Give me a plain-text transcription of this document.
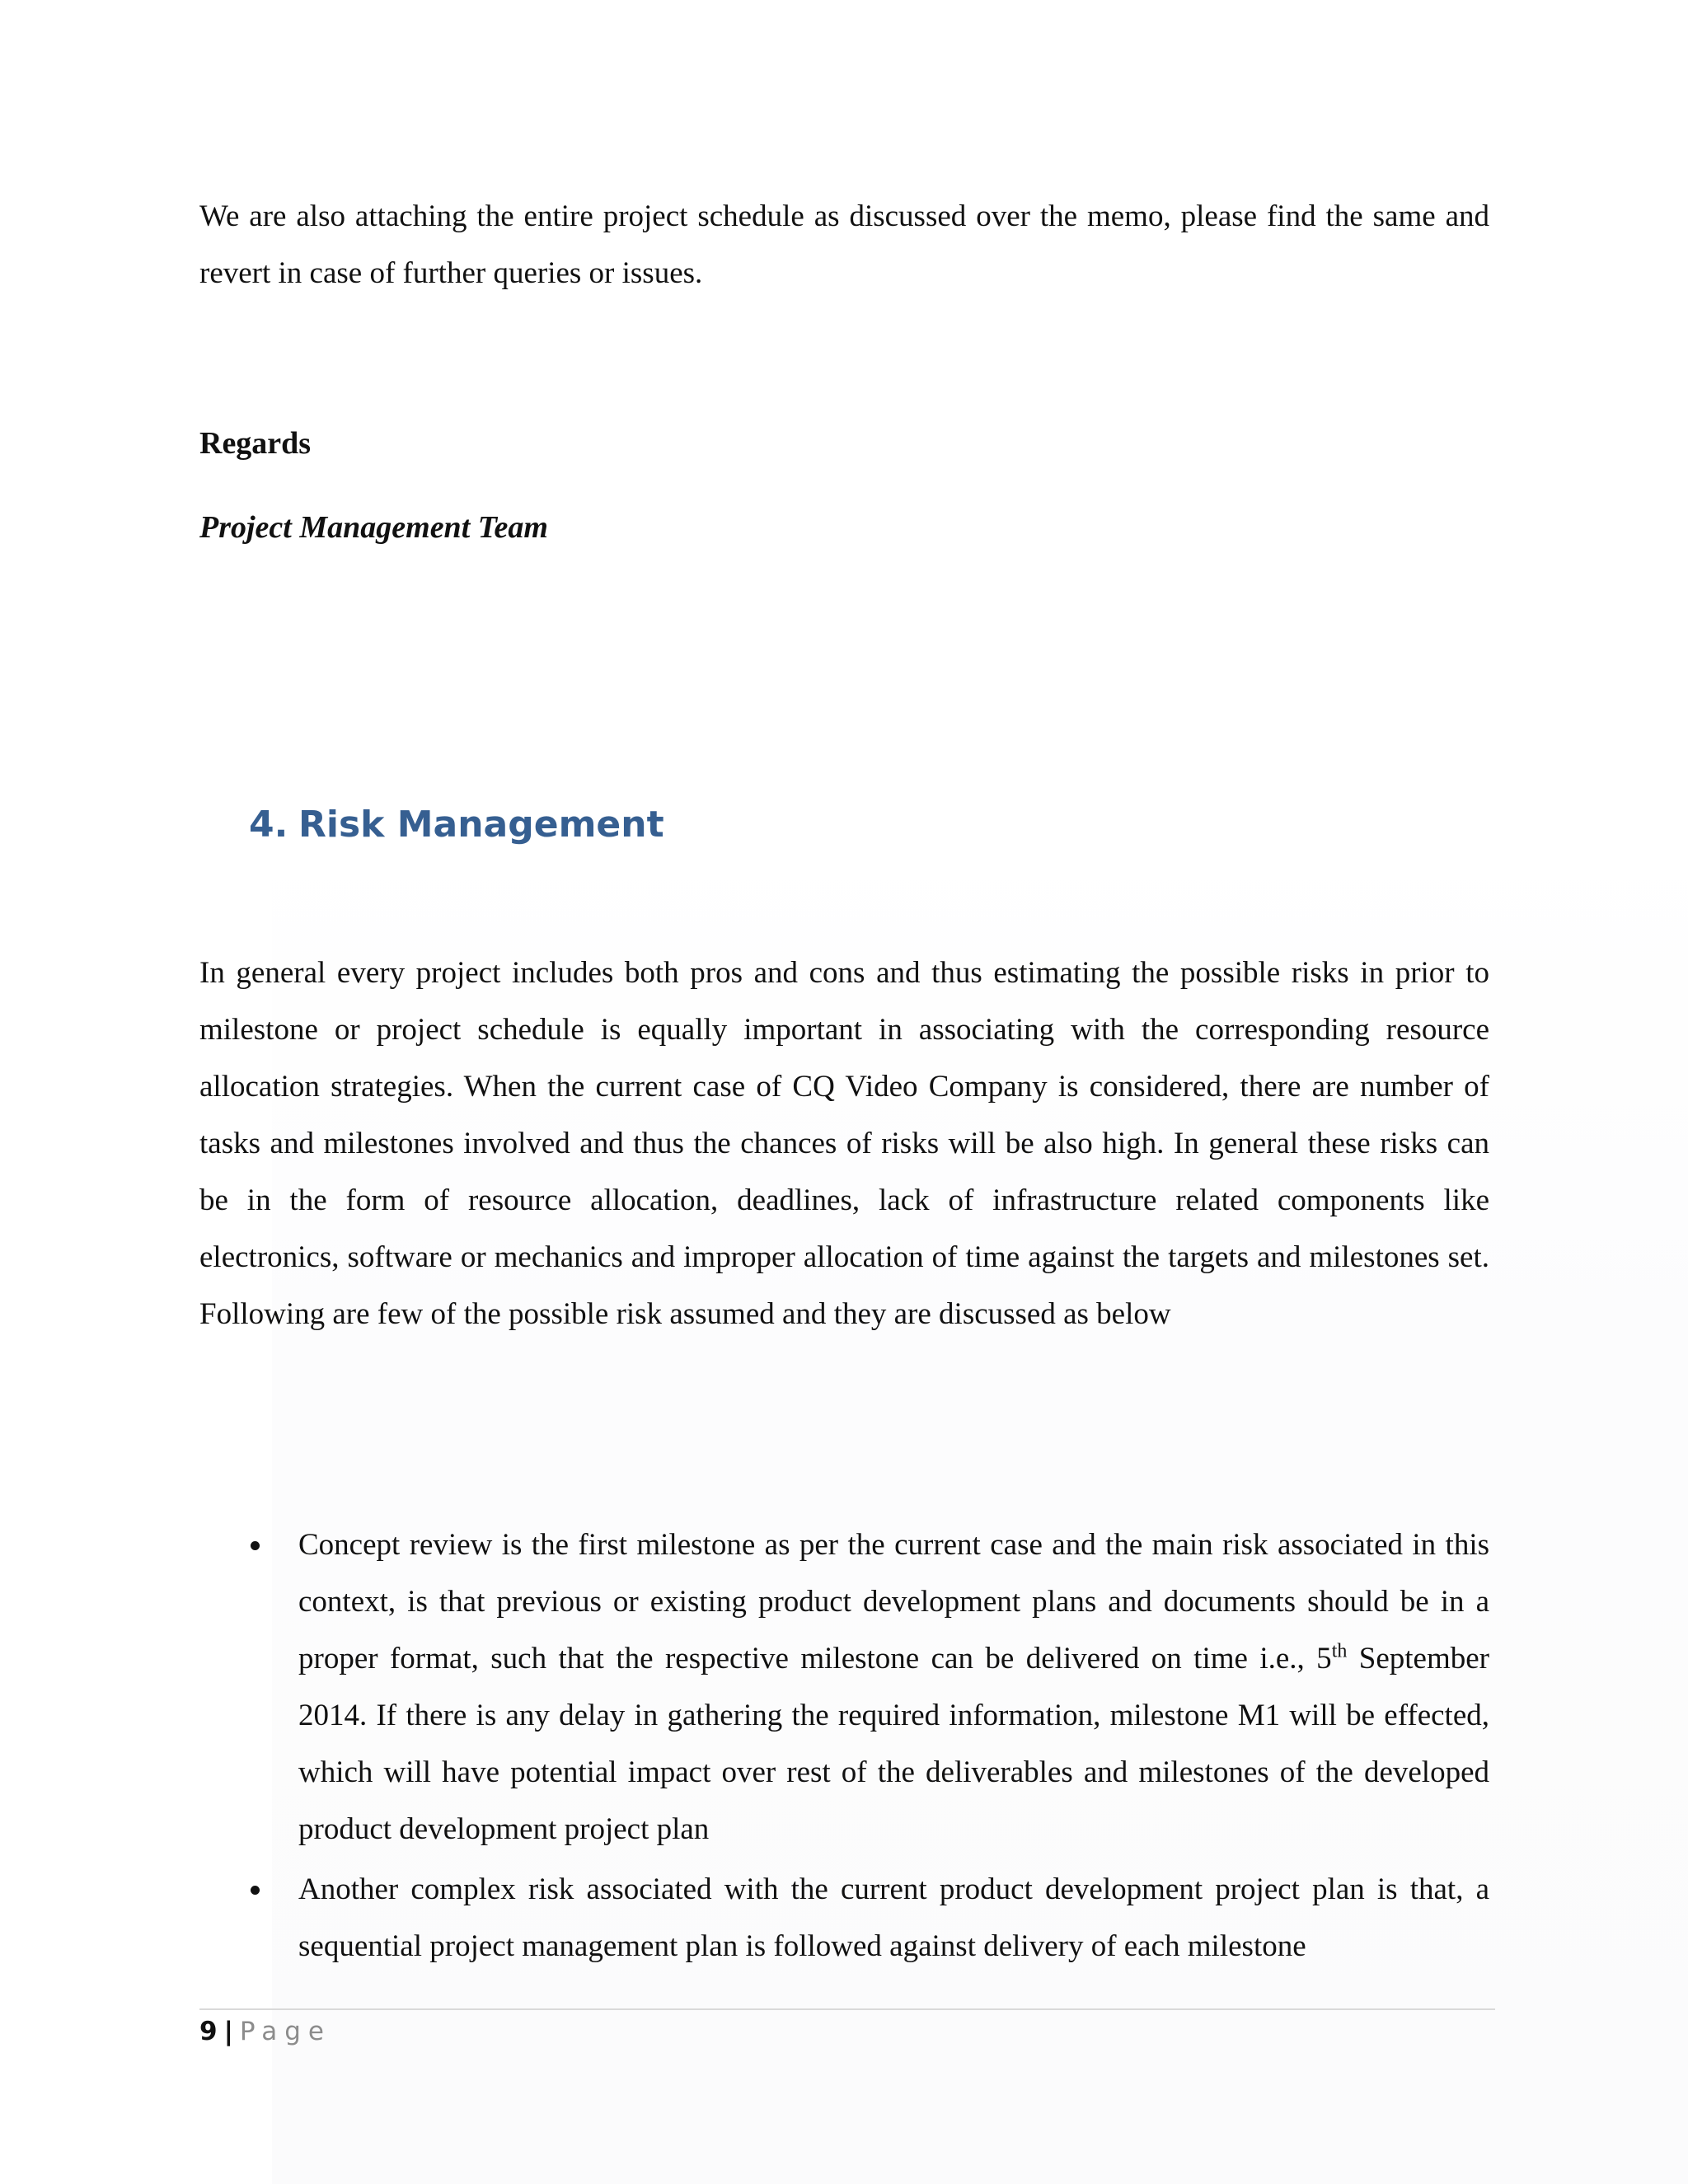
We are also attaching the entire project schedule as discussed over the memo, please find the same and revert in case of further queries or issues.

Regards

Project Management Team

4. Risk Management

In general every project includes both pros and cons and thus estimating the possible risks in prior to milestone or project schedule is equally important in associating with the corresponding resource allocation strategies. When the current case of CQ Video Company is considered, there are number of tasks and milestones involved and thus the chances of risks will be also high. In general these risks can be in the form of resource allocation, deadlines, lack of infrastructure related components like electronics, software or mechanics and improper allocation of time against the targets and milestones set. Following are few of the possible risk assumed and they are discussed as below

Concept review is the first milestone as per the current case and the main risk associated in this context, is that previous or existing product development plans and documents should be in a proper format, such that the respective milestone can be delivered on time i.e., 5th September 2014. If there is any delay in gathering the required information, milestone M1 will be effected, which will have potential impact over rest of the deliverables and milestones of the developed product development project plan
Another complex risk associated with the current product development project plan is that, a sequential project management plan is followed against delivery of each milestone

9 | Page
